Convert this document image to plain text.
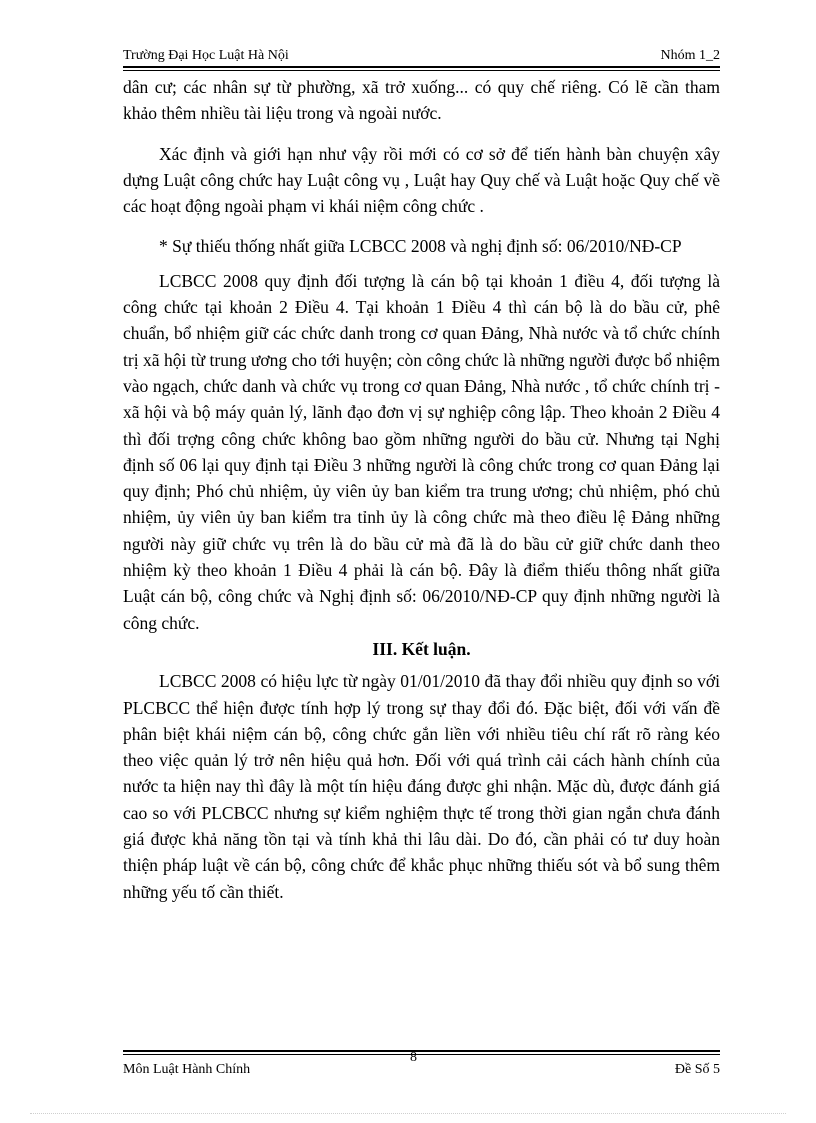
Trường Đại Học Luật Hà Nội	Nhóm 1_2

dân cư; các nhân sự từ phường, xã trở xuống... có quy chế riêng. Có lẽ cần tham khảo thêm nhiều tài liệu trong và ngoài nước.

Xác định và giới hạn như vậy rồi mới có cơ sở để tiến hành bàn chuyện xây dựng Luật công chức hay Luật công vụ , Luật hay Quy chế và Luật hoặc Quy chế về các hoạt động ngoài phạm vi khái niệm công chức .

* Sự thiếu thống nhất giữa LCBCC 2008 và nghị định số: 06/2010/NĐ-CP

LCBCC 2008 quy định đối tượng là cán bộ tại khoản 1 điều 4, đối tượng là công chức tại khoản 2 Điều 4. Tại khoản 1 Điều 4 thì cán bộ là do bầu cử, phê chuẩn, bổ nhiệm giữ các chức danh trong cơ quan Đảng, Nhà nước và tổ chức chính trị xã hội từ trung ương cho tới huyện; còn công chức là những người được bổ nhiệm vào ngạch, chức danh và chức vụ trong cơ quan Đảng, Nhà nước , tổ chức chính trị - xã hội và bộ máy quản lý, lãnh đạo đơn vị sự nghiệp công lập. Theo khoản 2 Điều 4 thì đối trợng công chức không bao gồm những người do bầu cử. Nhưng tại Nghị định số 06 lại quy định tại Điều 3 những người là công chức trong cơ quan Đảng lại quy định; Phó chủ nhiệm, ủy viên ủy ban kiểm tra trung ương; chủ nhiệm, phó chủ nhiệm, ủy viên ủy ban kiểm tra tỉnh ủy là công chức mà theo điều lệ Đảng những người này giữ chức vụ trên là do bầu cử mà đã là do bầu cử giữ chức danh theo nhiệm kỳ theo khoản 1 Điều 4 phải là cán bộ. Đây là điểm thiếu thông nhất giữa Luật cán bộ, công chức và Nghị định số: 06/2010/NĐ-CP quy định những người là công chức.

III. Kết luận.

LCBCC 2008 có hiệu lực từ ngày 01/01/2010 đã thay đổi nhiều quy định so với PLCBCC thể hiện được tính hợp lý trong sự thay đổi đó. Đặc biệt, đối với vấn đề phân biệt khái niệm cán bộ, công chức gắn liền với nhiều tiêu chí rất rõ ràng kéo theo việc quản lý trở nên hiệu quả hơn. Đối với quá trình cải cách hành chính của nước ta hiện nay thì đây là một tín hiệu đáng được ghi nhận. Mặc dù, được đánh giá cao so với PLCBCC nhưng sự kiểm nghiệm thực tế trong thời gian ngắn chưa đánh giá được khả năng tồn tại và tính khả thi lâu dài. Do đó, cần phải có tư duy hoàn thiện pháp luật về cán bộ, công chức để khắc phục những thiếu sót và bổ sung thêm những yếu tố cần thiết.

8
Môn Luật Hành Chính	Đề Số 5
